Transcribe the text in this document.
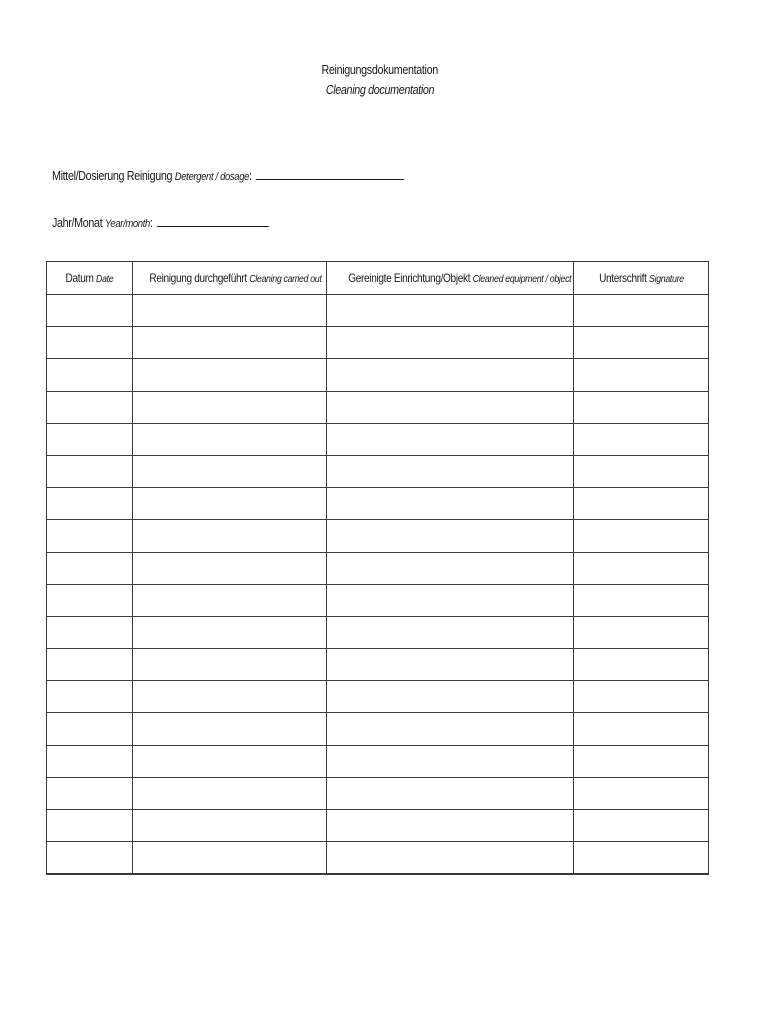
Reinigungsdokumentation
Cleaning documentation
Mittel/Dosierung Reinigung Detergent / dosage:
Jahr/Monat Year/month:
Datum Date	Reinigung durchgeführt Cleaning carried out	Gereinigte Einrichtung/Objekt Cleaned equipment / object	Unterschrift Signature
